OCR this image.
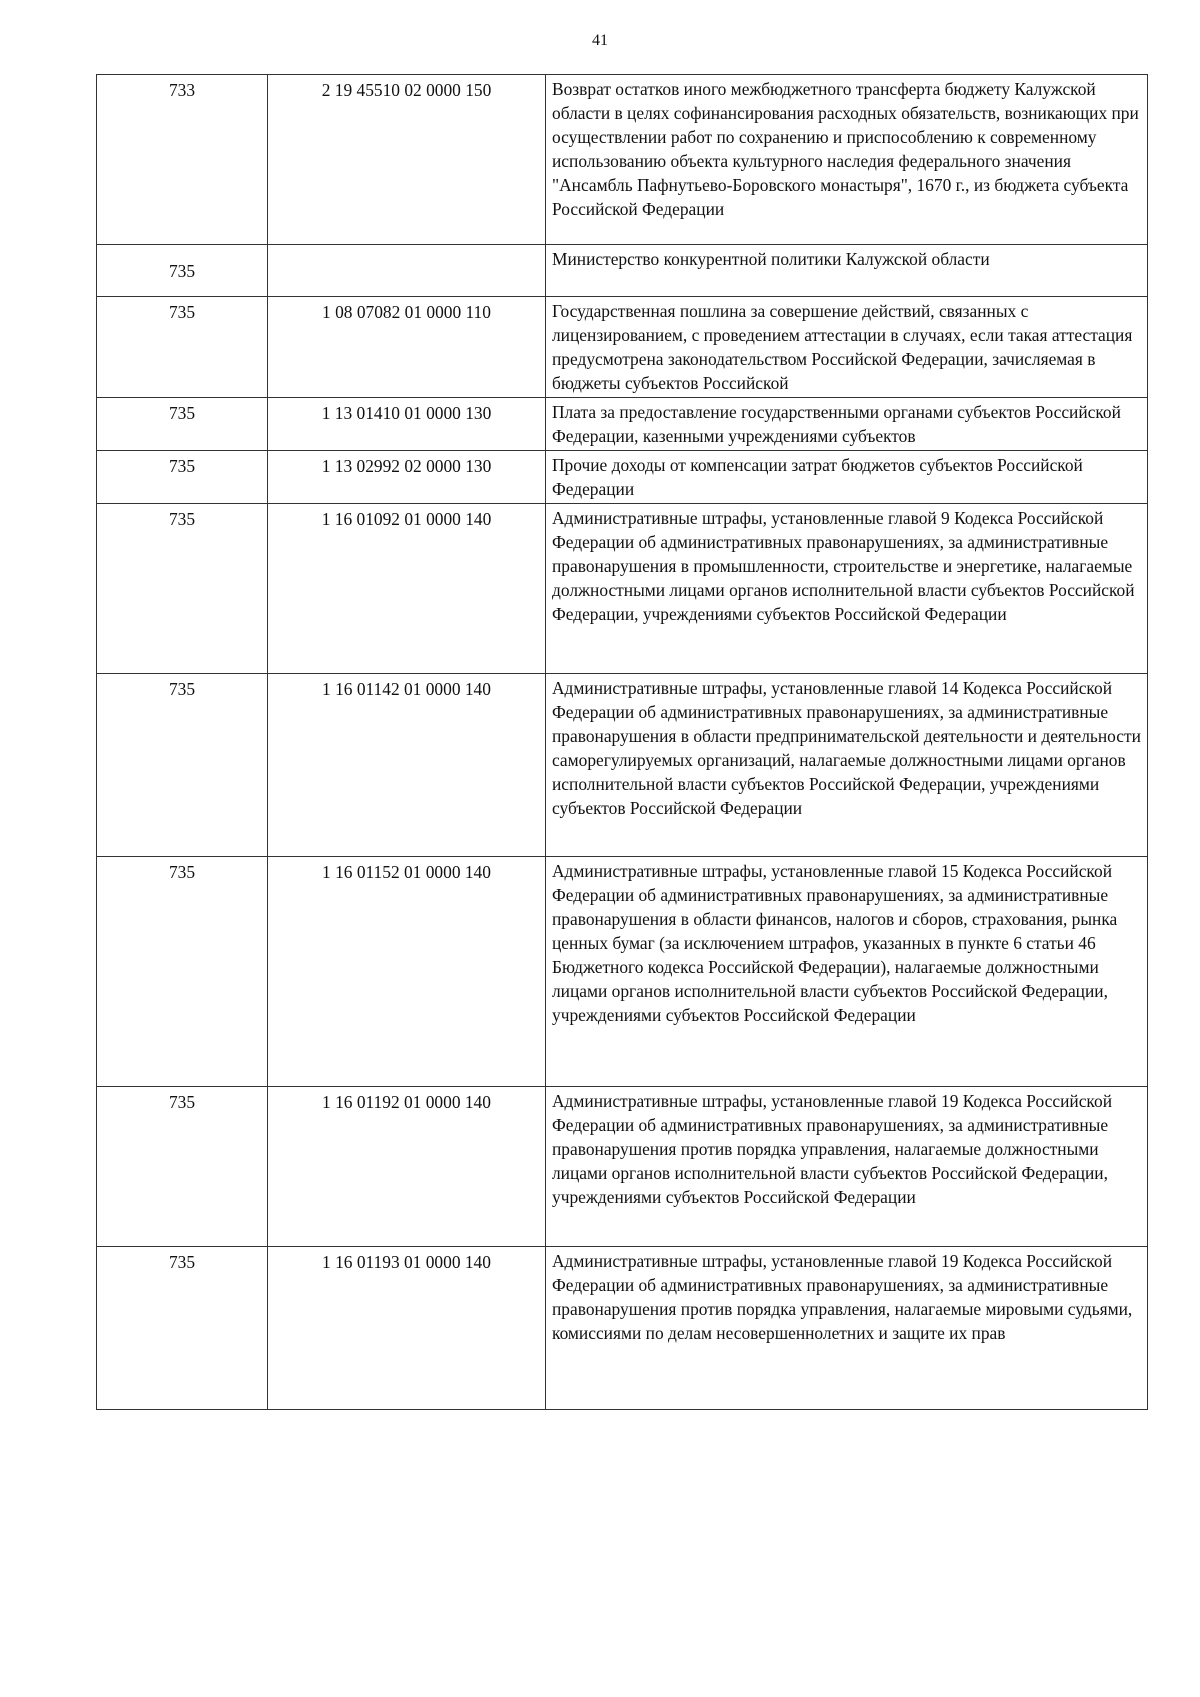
41
733	2 19 45510 02 0000 150	Возврат остатков иного межбюджетного трансферта бюджету Калужской области в целях софинансирования расходных обязательств, возникающих при осуществлении работ по сохранению и приспособлению к современному использованию объекта культурного наследия федерального значения "Ансамбль Пафнутьево-Боровского монастыря", 1670 г., из бюджета субъекта Российской Федерации
735		Министерство конкурентной политики Калужской области
735	1 08 07082 01 0000 110	Государственная пошлина за совершение действий, связанных с лицензированием, с проведением аттестации в случаях, если такая аттестация предусмотрена законодательством Российской Федерации, зачисляемая в бюджеты субъектов Российской
735	1 13 01410 01 0000 130	Плата за предоставление государственными органами субъектов Российской Федерации, казенными учреждениями субъектов
735	1 13 02992 02 0000 130	Прочие доходы от компенсации затрат бюджетов субъектов Российской Федерации
735	1 16 01092 01 0000 140	Административные штрафы, установленные главой 9 Кодекса Российской Федерации об административных правонарушениях, за административные правонарушения в промышленности, строительстве и энергетике, налагаемые должностными лицами органов исполнительной власти субъектов Российской Федерации, учреждениями субъектов Российской Федерации
735	1 16 01142 01 0000 140	Административные штрафы, установленные главой 14 Кодекса Российской Федерации об административных правонарушениях, за административные правонарушения в области предпринимательской деятельности и деятельности саморегулируемых организаций, налагаемые должностными лицами органов исполнительной власти субъектов Российской Федерации, учреждениями субъектов Российской Федерации
735	1 16 01152 01 0000 140	Административные штрафы, установленные главой 15 Кодекса Российской Федерации об административных правонарушениях, за административные правонарушения в области финансов, налогов и сборов, страхования, рынка ценных бумаг (за исключением штрафов, указанных в пункте 6 статьи 46 Бюджетного кодекса Российской Федерации), налагаемые должностными лицами органов исполнительной власти субъектов Российской Федерации, учреждениями субъектов Российской Федерации
735	1 16 01192 01 0000 140	Административные штрафы, установленные главой 19 Кодекса Российской Федерации об административных правонарушениях, за административные правонарушения против порядка управления, налагаемые должностными лицами органов исполнительной власти субъектов Российской Федерации, учреждениями субъектов Российской Федерации
735	1 16 01193 01 0000 140	Административные штрафы, установленные главой 19 Кодекса Российской Федерации об административных правонарушениях, за административные правонарушения против порядка управления, налагаемые мировыми судьями, комиссиями по делам несовершеннолетних и защите их прав
